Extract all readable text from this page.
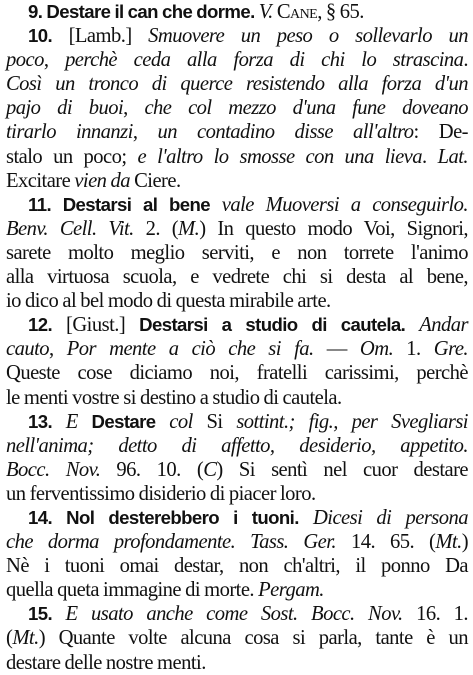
9. Destare il can che dorme. V. Cane, § 65.
10. [Lamb.] Smuovere un peso o sollevarlo un
poco, perchè ceda alla forza di chi lo strascina.
Così un tronco di querce resistendo alla forza d'un
pajo di buoi, che col mezzo d'una fune doveano
tirarlo innanzi, un contadino disse all'altro: De-
stalo un poco; e l'altro lo smosse con una lieva. Lat.
Excitare vien da Ciere.
11. Destarsi al bene vale Muoversi a conseguirlo.
Benv. Cell. Vit. 2. (M.) In questo modo Voi, Signori,
sarete molto meglio serviti, e non torrete l'animo
alla virtuosa scuola, e vedrete chi si desta al bene,
io dico al bel modo di questa mirabile arte.
12. [Giust.] Destarsi a studio di cautela. Andar
cauto, Por mente a ciò che si fa. — Om. 1. Gre.
Queste cose diciamo noi, fratelli carissimi, perchè
le menti vostre si destino a studio di cautela.
13. E Destare col Si sottint.; fig., per Svegliarsi
nell'anima; detto di affetto, desiderio, appetito.
Bocc. Nov. 96. 10. (C) Si sentì nel cuor destare
un ferventissimo disiderio di piacer loro.
14. Nol desterebbero i tuoni. Dicesi di persona
che dorma profondamente. Tass. Ger. 14. 65. (Mt.)
Nè i tuoni omai destar, non ch'altri, il ponno Da
quella queta immagine di morte. Pergam.
15. E usato anche come Sost. Bocc. Nov. 16. 1.
(Mt.) Quante volte alcuna cosa si parla, tante è un
destare delle nostre menti.
